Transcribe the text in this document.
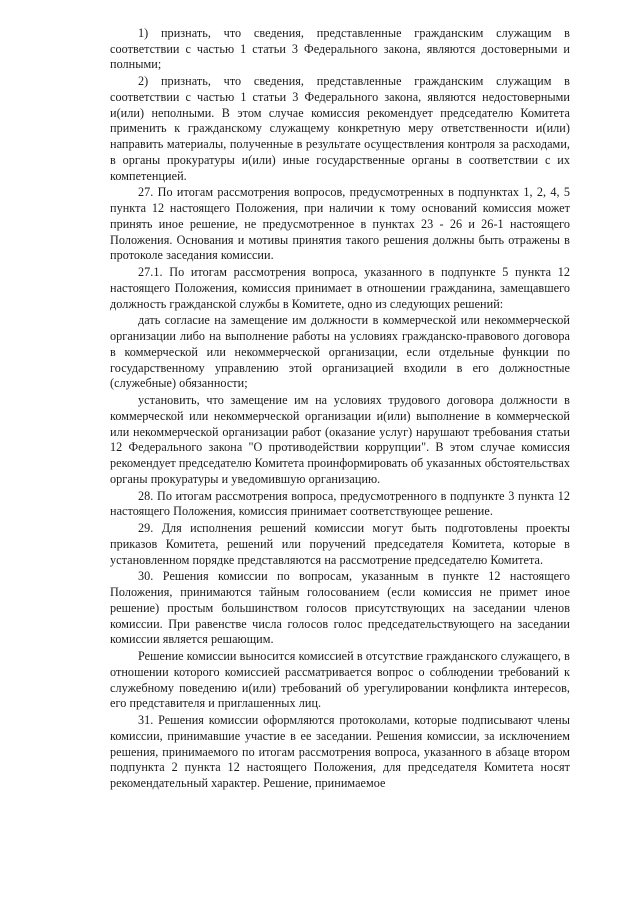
1) признать, что сведения, представленные гражданским служащим в соответствии с частью 1 статьи 3 Федерального закона, являются достоверными и полными;

2) признать, что сведения, представленные гражданским служащим в соответствии с частью 1 статьи 3 Федерального закона, являются недостоверными и(или) неполными. В этом случае комиссия рекомендует председателю Комитета применить к гражданскому служащему конкретную меру ответственности и(или) направить материалы, полученные в результате осуществления контроля за расходами, в органы прокуратуры и(или) иные государственные органы в соответствии с их компетенцией.

27. По итогам рассмотрения вопросов, предусмотренных в подпунктах 1, 2, 4, 5 пункта 12 настоящего Положения, при наличии к тому оснований комиссия может принять иное решение, не предусмотренное в пунктах 23 - 26 и 26-1 настоящего Положения. Основания и мотивы принятия такого решения должны быть отражены в протоколе заседания комиссии.

27.1. По итогам рассмотрения вопроса, указанного в подпункте 5 пункта 12 настоящего Положения, комиссия принимает в отношении гражданина, замещавшего должность гражданской службы в Комитете, одно из следующих решений:

дать согласие на замещение им должности в коммерческой или некоммерческой организации либо на выполнение работы на условиях гражданско-правового договора в коммерческой или некоммерческой организации, если отдельные функции по государственному управлению этой организацией входили в его должностные (служебные) обязанности;

установить, что замещение им на условиях трудового договора должности в коммерческой или некоммерческой организации и(или) выполнение в коммерческой или некоммерческой организации работ (оказание услуг) нарушают требования статьи 12 Федерального закона "О противодействии коррупции". В этом случае комиссия рекомендует председателю Комитета проинформировать об указанных обстоятельствах органы прокуратуры и уведомившую организацию.

28. По итогам рассмотрения вопроса, предусмотренного в подпункте 3 пункта 12 настоящего Положения, комиссия принимает соответствующее решение.

29. Для исполнения решений комиссии могут быть подготовлены проекты приказов Комитета, решений или поручений председателя Комитета, которые в установленном порядке представляются на рассмотрение председателю Комитета.

30. Решения комиссии по вопросам, указанным в пункте 12 настоящего Положения, принимаются тайным голосованием (если комиссия не примет иное решение) простым большинством голосов присутствующих на заседании членов комиссии. При равенстве числа голосов голос председательствующего на заседании комиссии является решающим.

Решение комиссии выносится комиссией в отсутствие гражданского служащего, в отношении которого комиссией рассматривается вопрос о соблюдении требований к служебному поведению и(или) требований об урегулировании конфликта интересов, его представителя и приглашенных лиц.

31. Решения комиссии оформляются протоколами, которые подписывают члены комиссии, принимавшие участие в ее заседании. Решения комиссии, за исключением решения, принимаемого по итогам рассмотрения вопроса, указанного в абзаце втором подпункта 2 пункта 12 настоящего Положения, для председателя Комитета носят рекомендательный характер. Решение, принимаемое
